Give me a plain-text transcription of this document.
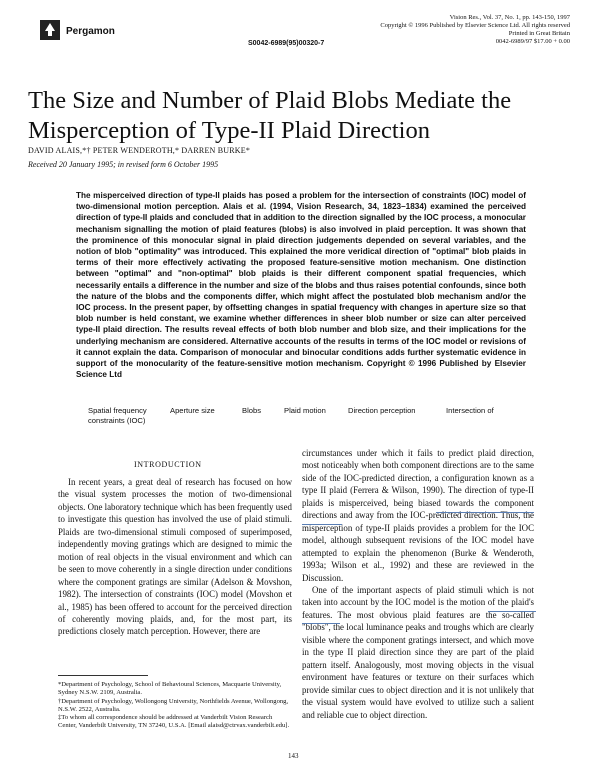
Pergamon
Vision Res., Vol. 37, No. 1, pp. 143-150, 1997
Copyright © 1996 Published by Elsevier Science Ltd. All rights reserved
Printed in Great Britain
0042-6989/97 $17.00 + 0.00
S0042-6989(95)00320-7
The Size and Number of Plaid Blobs Mediate the Misperception of Type-II Plaid Direction
DAVID ALAIS,*† PETER WENDEROTH,* DARREN BURKE*
Received 20 January 1995; in revised form 6 October 1995
The misperceived direction of type-II plaids has posed a problem for the intersection of constraints (IOC) model of two-dimensional motion perception. Alais et al. (1994, Vision Research, 34, 1823–1834) examined the perceived direction of type-II plaids and concluded that in addition to the direction signalled by the IOC process, a monocular mechanism signalling the motion of plaid features (blobs) is also involved in plaid perception. It was shown that the prominence of this monocular signal in plaid direction judgements depended on several variables, and the notion of blob "optimality" was introduced. This explained the more veridical direction of "optimal" blob plaids in terms of their more effectively activating the proposed feature-sensitive motion mechanism. One distinction between "optimal" and "non-optimal" blob plaids is their different component spatial frequencies, which necessarily entails a difference in the number and size of the blobs and thus raises potential confounds, since both the nature of the blobs and the components differ, which might affect the postulated blob mechanism and/or the IOC process. In the present paper, by offsetting changes in spatial frequency with changes in aperture size so that blob number is held constant, we examine whether differences in sheer blob number or size can alter perceived type-II plaid direction. The results reveal effects of both blob number and blob size, and their implications for the underlying mechanism are considered. Alternative accounts of the results in terms of the IOC model or revisions of it cannot explain the data. Comparison of monocular and binocular conditions adds further systematic evidence in support of the monocularity of the feature-sensitive motion mechanism. Copyright © 1996 Published by Elsevier Science Ltd
Spatial frequency constraints (IOC)
Aperture size	Blobs	Plaid motion	Direction perception	Intersection of
INTRODUCTION

In recent years, a great deal of research has focused on how the visual system processes the motion of two-dimensional objects. One laboratory technique which has been frequently used to investigate this question has involved the use of plaid stimuli. Plaids are two-dimensional stimuli composed of superimposed, independently moving gratings which are designed to mimic the motion of real objects in the visual environment and which can be seen to move coherently in a single direction under conditions where the component gratings are similar (Adelson & Movshon, 1982). The intersection of constraints (IOC) model (Movshon et al., 1985) has been offered to account for the perceived direction of coherently moving plaids, and, for the most part, its predictions closely match perception. However, there are

circumstances under which it fails to predict plaid direction, most noticeably when both component directions are to the same side of the IOC-predicted direction, a configuration known as a type II plaid (Ferrera & Wilson, 1990). The direction of type-II plaids is misperceived, being biased towards the component directions and away from the IOC-predicted direction. Thus, the misperception of type-II plaids provides a problem for the IOC model, although subsequent revisions of the IOC model have attempted to explain the phenomenon (Burke & Wenderoth, 1993a; Wilson et al., 1992) and these are reviewed in the Discussion.

One of the important aspects of plaid stimuli which is not taken into account by the IOC model is the motion of the plaid's features. The most obvious plaid features are the so-called "blobs", the local luminance peaks and troughs which are clearly visible where the component gratings intersect, and which move in the type II plaid direction since they are part of the plaid pattern itself. Analogously, most moving objects in the visual environment have features or texture on their surfaces which provide similar cues to object direction and it is not unlikely that the visual system would have evolved to utilize such a salient and reliable cue to object direction.

*Department of Psychology, School of Behavioural Sciences, Macquarie University, Sydney N.S.W. 2109, Australia.
†Department of Psychology, Wollongong University, Northfields Avenue, Wollongong, N.S.W. 2522, Australia.
‡To whom all correspondence should be addressed at Vanderbilt Vision Research Center, Vanderbilt University, TN 37240, U.S.A. [Email alaisd@ctrvax.vanderbilt.edu].
143
